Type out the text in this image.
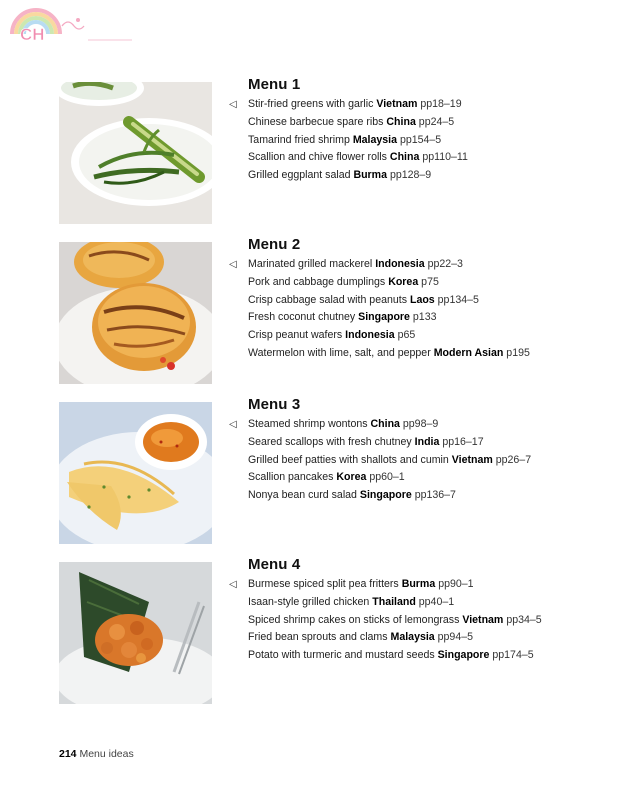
CH
Menu 1
◁ Stir-fried greens with garlic Vietnam pp18–19
Chinese barbecue spare ribs China pp24–5
Tamarind fried shrimp Malaysia pp154–5
Scallion and chive flower rolls China pp110–11
Grilled eggplant salad Burma pp128–9
Menu 2
◁ Marinated grilled mackerel Indonesia pp22–3
Pork and cabbage dumplings Korea p75
Crisp cabbage salad with peanuts Laos pp134–5
Fresh coconut chutney Singapore p133
Crisp peanut wafers Indonesia p65
Watermelon with lime, salt, and pepper Modern Asian p195
Menu 3
◁ Steamed shrimp wontons China pp98–9
Seared scallops with fresh chutney India pp16–17
Grilled beef patties with shallots and cumin Vietnam pp26–7
Scallion pancakes Korea pp60–1
Nonya bean curd salad Singapore pp136–7
Menu 4
◁ Burmese spiced split pea fritters Burma pp90–1
Isaan-style grilled chicken Thailand pp40–1
Spiced shrimp cakes on sticks of lemongrass Vietnam pp34–5
Fried bean sprouts and clams Malaysia pp94–5
Potato with turmeric and mustard seeds Singapore pp174–5
214 Menu ideas
